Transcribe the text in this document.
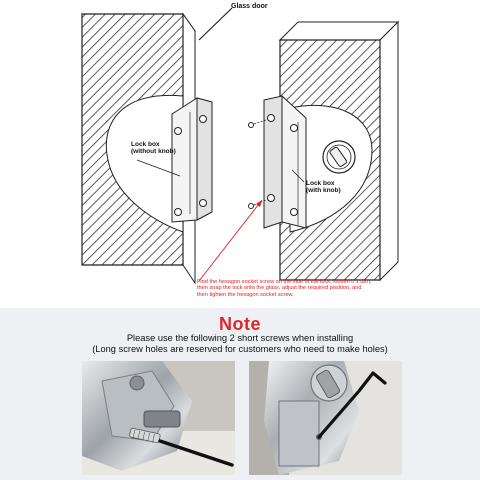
Glass door
Lock box
(without knob)
Lock box
(with knob)
Find the hexagon socket screw on the side of the lock, loosen it 1 turn, then snap the lock onto the glass, adjust the required position, and then tighten the hexagon socket screw.
Note
Please use the following 2 short screws when installing
(Long screw holes are reserved for customers who need to make holes)
